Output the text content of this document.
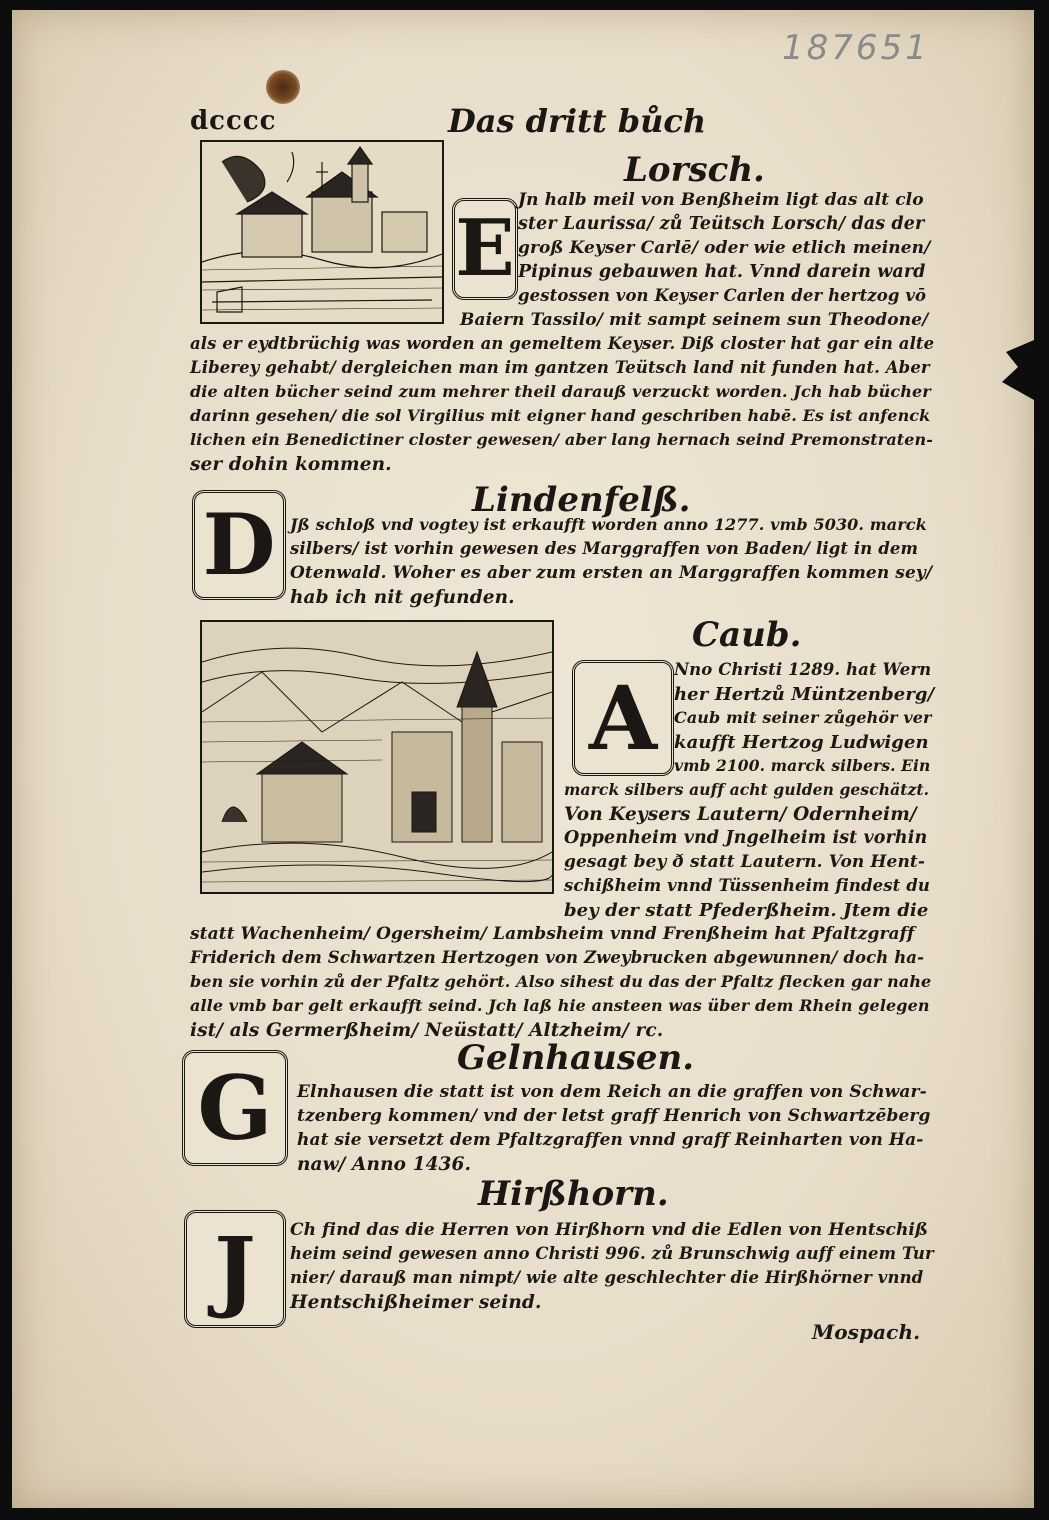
187651
dcccc	Das dritt bůch
Lorsch.
E
Jn halb meil von Benßheim ligt das alt clo
ster Laurissa/ zů Teütsch Lorsch/ das der
groß Keyser Carlē/ oder wie etlich meinen/
Pipinus gebauwen hat. Vnnd darein ward
gestossen von Keyser Carlen der hertzog vō
Baiern Tassilo/ mit sampt seinem sun Theodone/
als er eydtbrüchig was worden an gemeltem Keyser. Diß closter hat gar ein alte
Liberey gehabt/ dergleichen man im gantzen Teütsch land nit funden hat. Aber
die alten bücher seind zum mehrer theil darauß verzuckt worden. Jch hab bücher
darinn gesehen/ die sol Virgilius mit eigner hand geschriben habē. Es ist anfenck
lichen ein Benedictiner closter gewesen/ aber lang hernach seind Premonstraten-
ser dohin kommen.
Lindenfelß.
D Jß schloß vnd vogtey ist erkaufft worden anno 1277. vmb 5030. marck
silbers/ ist vorhin gewesen des Marggraffen von Baden/ ligt in dem
Otenwald. Woher es aber zum ersten an Marggraffen kommen sey/
hab ich nit gefunden.
Caub.
A	Nno Christi 1289. hat Wern
her Hertzů Müntzenberg/
Caub mit seiner zůgehör ver
kaufft Hertzog Ludwigen
vmb 2100. marck silbers. Ein
marck silbers auff acht gulden geschätzt.
Von Keysers Lautern/ Odernheim/
Oppenheim vnd Jngelheim ist vorhin
gesagt bey ð statt Lautern. Von Hent-
schißheim vnnd Tüssenheim findest du
bey der statt Pfederßheim. Jtem die
statt Wachenheim/ Ogersheim/ Lambsheim vnnd Frenßheim hat Pfaltzgraff
Friderich dem Schwartzen Hertzogen von Zweybrucken abgewunnen/ doch ha-
ben sie vorhin zů der Pfaltz gehört. Also sihest du das der Pfaltz flecken gar nahe
alle vmb bar gelt erkaufft seind. Jch laß hie ansteen was über dem Rhein gelegen
ist/ als Germerßheim/ Neüstatt/ Altzheim/ rc.
Gelnhausen.
G	Elnhausen die statt ist von dem Reich an die graffen von Schwar-
tzenberg kommen/ vnd der letst graff Henrich von Schwartzēberg
hat sie versetzt dem Pfaltzgraffen vnnd graff Reinharten von Ha-
naw/ Anno 1436.
Hirßhorn.
J	Ch find das die Herren von Hirßhorn vnd die Edlen von Hentschiß
heim seind gewesen anno Christi 996. zů Brunschwig auff einem Tur
nier/ darauß man nimpt/ wie alte geschlechter die Hirßhörner vnnd
Hentschißheimer seind.
Mospach.
